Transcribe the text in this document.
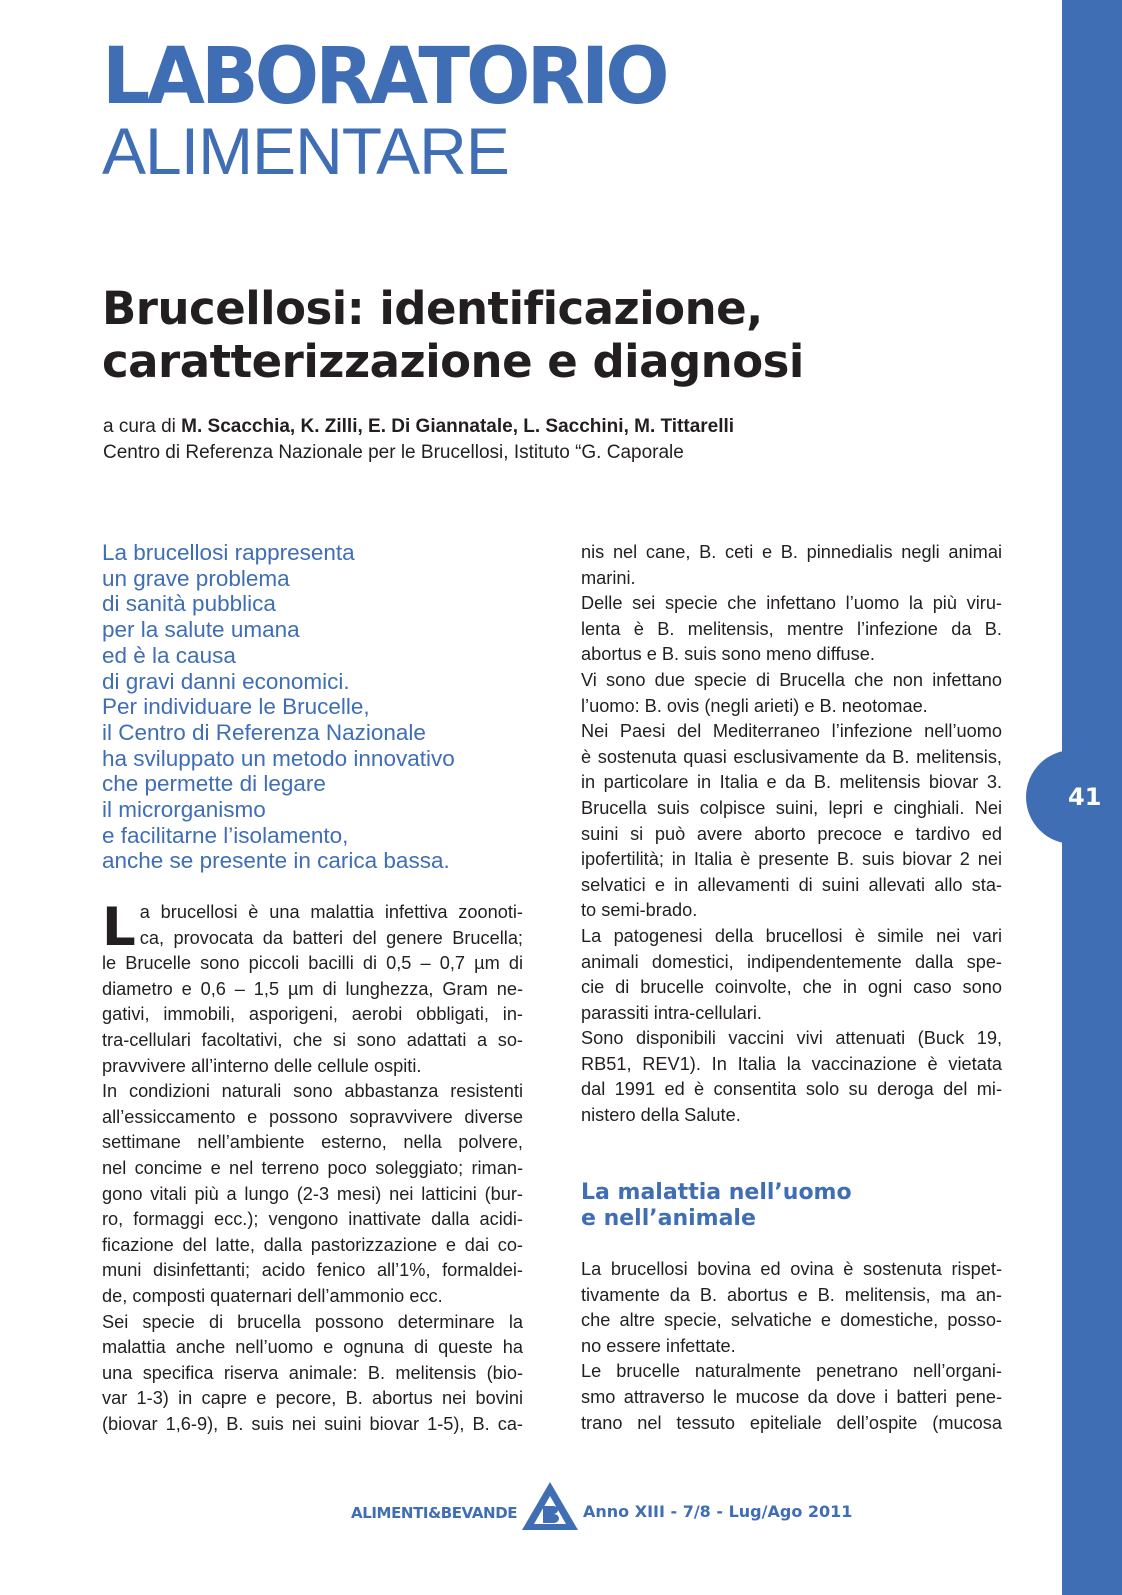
41
LABORATORIO
ALIMENTARE
Brucellosi: identificazione,
caratterizzazione e diagnosi
a cura di M. Scacchia, K. Zilli, E. Di Giannatale, L. Sacchini, M. Tittarelli
Centro di Referenza Nazionale per le Brucellosi, Istituto “G. Caporale
La brucellosi rappresenta
un grave problema
di sanità pubblica
per la salute umana
ed è la causa
di gravi danni economici.
Per individuare le Brucelle,
il Centro di Referenza Nazionale
ha sviluppato un metodo innovativo
che permette di legare
il microrganismo
e facilitarne l’isolamento,
anche se presente in carica bassa.
L a brucellosi è una malattia infettiva zoonoti-
ca, provocata da batteri del genere Brucella;
le Brucelle sono piccoli bacilli di 0,5 – 0,7 µm di
diametro e 0,6 – 1,5 µm di lunghezza, Gram ne-
gativi, immobili, asporigeni, aerobi obbligati, in-
tra-cellulari facoltativi, che si sono adattati a so-
pravvivere all’interno delle cellule ospiti.
In condizioni naturali sono abbastanza resistenti
all’essiccamento e possono sopravvivere diverse
settimane nell’ambiente esterno, nella polvere,
nel concime e nel terreno poco soleggiato; riman-
gono vitali più a lungo (2-3 mesi) nei latticini (bur-
ro, formaggi ecc.); vengono inattivate dalla acidi-
ficazione del latte, dalla pastorizzazione e dai co-
muni disinfettanti; acido fenico all’1%, formaldei-
de, composti quaternari dell’ammonio ecc.
Sei specie di brucella possono determinare la
malattia anche nell’uomo e ognuna di queste ha
una specifica riserva animale: B. melitensis (bio-
var 1-3) in capre e pecore, B. abortus nei bovini
(biovar 1,6-9), B. suis nei suini biovar 1-5), B. ca-
nis nel cane, B. ceti e B. pinnedialis negli animai
marini.
Delle sei specie che infettano l’uomo la più viru-
lenta è B. melitensis, mentre l’infezione da B.
abortus e B. suis sono meno diffuse.
Vi sono due specie di Brucella che non infettano
l’uomo: B. ovis (negli arieti) e B. neotomae.
Nei Paesi del Mediterraneo l’infezione nell’uomo
è sostenuta quasi esclusivamente da B. melitensis,
in particolare in Italia e da B. melitensis biovar 3.
Brucella suis colpisce suini, lepri e cinghiali. Nei
suini si può avere aborto precoce e tardivo ed
ipofertilità; in Italia è presente B. suis biovar 2 nei
selvatici e in allevamenti di suini allevati allo sta-
to semi-brado.
La patogenesi della brucellosi è simile nei vari
animali domestici, indipendentemente dalla spe-
cie di brucelle coinvolte, che in ogni caso sono
parassiti intra-cellulari.
Sono disponibili vaccini vivi attenuati (Buck 19,
RB51, REV1). In Italia la vaccinazione è vietata
dal 1991 ed è consentita solo su deroga del mi-
nistero della Salute.
La malattia nell’uomo
e nell’animale
La brucellosi bovina ed ovina è sostenuta rispet-
tivamente da B. abortus e B. melitensis, ma an-
che altre specie, selvatiche e domestiche, posso-
no essere infettate.
Le brucelle naturalmente penetrano nell’organi-
smo attraverso le mucose da dove i batteri pene-
trano nel tessuto epiteliale dell’ospite (mucosa
ALIMENTI&BEVANDE	Anno XIII - 7/8 - Lug/Ago 2011
